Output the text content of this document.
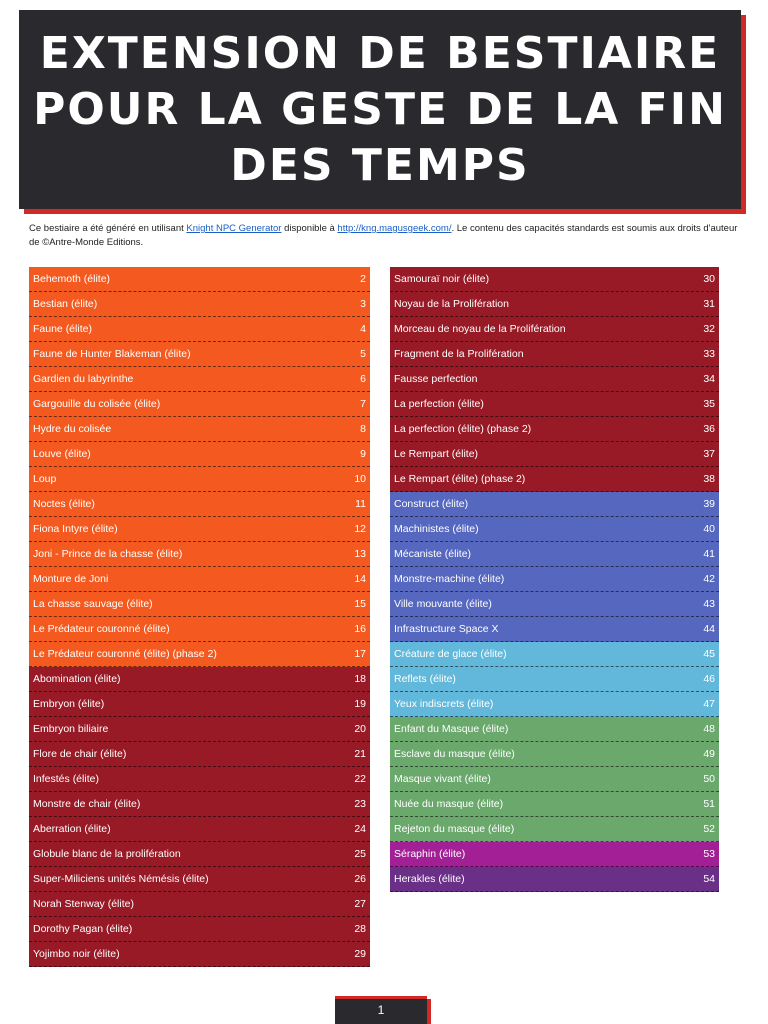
EXTENSION DE BESTIAIRE
POUR LA GESTE DE LA FIN
DES TEMPS
Ce bestiaire a été généré en utilisant Knight NPC Generator disponible à http://kng.magusgeek.com/. Le contenu des capacités standards est soumis aux droits d'auteur de ©Antre-Monde Editions.
Behemoth (élite)	2
Bestian (élite)	3
Faune (élite)	4
Faune de Hunter Blakeman (élite)	5
Gardien du labyrinthe	6
Gargouille du colisée (élite)	7
Hydre du colisée	8
Louve (élite)	9
Loup	10
Noctes (élite)	11
Fiona Intyre (élite)	12
Joni - Prince de la chasse (élite)	13
Monture de Joni	14
La chasse sauvage (élite)	15
Le Prédateur couronné (élite)	16
Le Prédateur couronné (élite) (phase 2)	17
Abomination (élite)	18
Embryon (élite)	19
Embryon biliaire	20
Flore de chair (élite)	21
Infestés (élite)	22
Monstre de chair (élite)	23
Aberration (élite)	24
Globule blanc de la prolifération	25
Super-Miliciens unités Némésis (élite)	26
Norah Stenway (élite)	27
Dorothy Pagan (élite)	28
Yojimbo noir (élite)	29
Samouraï noir (élite)	30
Noyau de la Prolifération	31
Morceau de noyau de la Prolifération	32
Fragment de la Prolifération	33
Fausse perfection	34
La perfection (élite)	35
La perfection (élite) (phase 2)	36
Le Rempart (élite)	37
Le Rempart (élite) (phase 2)	38
Construct (élite)	39
Machinistes (élite)	40
Mécaniste (élite)	41
Monstre-machine (élite)	42
Ville mouvante (élite)	43
Infrastructure Space X	44
Créature de glace (élite)	45
Reflets (élite)	46
Yeux indiscrets (élite)	47
Enfant du Masque (élite)	48
Esclave du masque (élite)	49
Masque vivant (élite)	50
Nuée du masque (élite)	51
Rejeton du masque (élite)	52
Séraphin (élite)	53
Herakles (élite)	54
1
